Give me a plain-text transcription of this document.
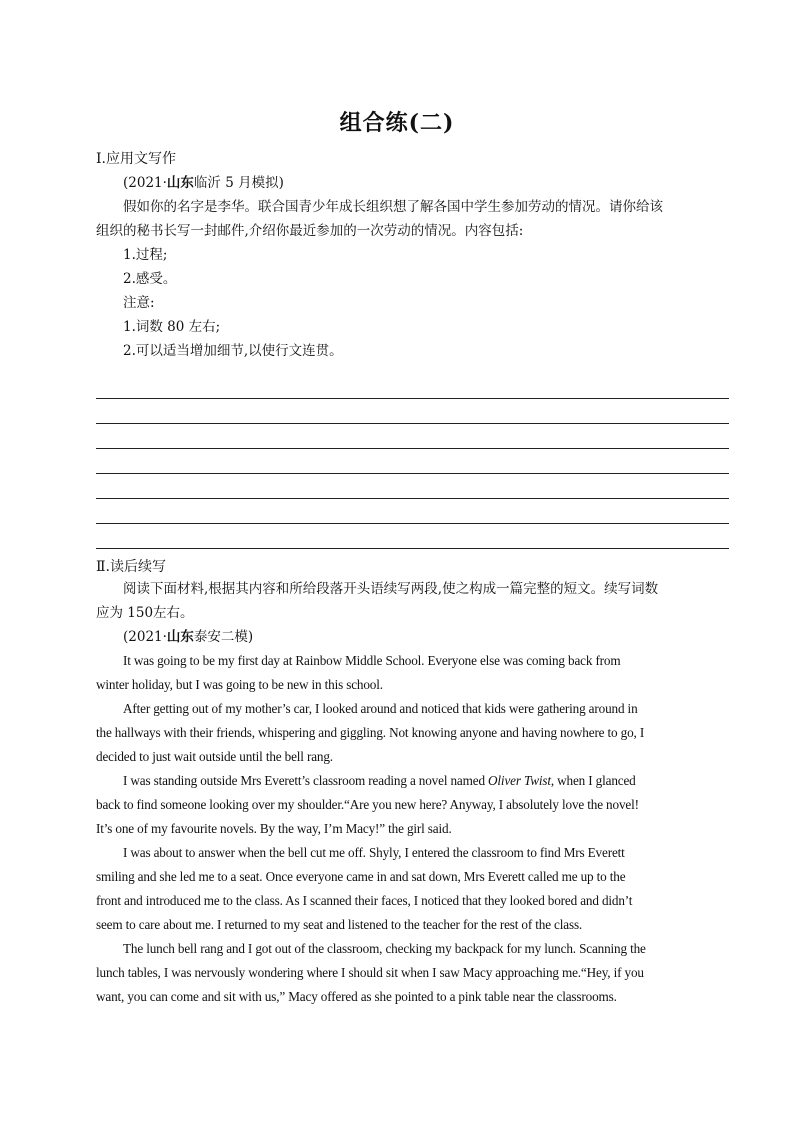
组合练(二)
Ⅰ.应用文写作
(2021·山东临沂 5 月模拟)
假如你的名字是李华。联合国青少年成长组织想了解各国中学生参加劳动的情况。请你给该
组织的秘书长写一封邮件,介绍你最近参加的一次劳动的情况。内容包括:
1.过程;
2.感受。
注意:
1.词数 80 左右;
2.可以适当增加细节,以使行文连贯。
Ⅱ.读后续写
阅读下面材料,根据其内容和所给段落开头语续写两段,使之构成一篇完整的短文。续写词数
应为 150左右。
(2021·山东泰安二模)
It was going to be my first day at Rainbow Middle School. Everyone else was coming back from
winter holiday, but I was going to be new in this school.
After getting out of my mother’s car, I looked around and noticed that kids were gathering around in
the hallways with their friends, whispering and giggling. Not knowing anyone and having nowhere to go, I
decided to just wait outside until the bell rang.
I was standing outside Mrs Everett’s classroom reading a novel named Oliver Twist, when I glanced
back to find someone looking over my shoulder.“Are you new here? Anyway, I absolutely love the novel!
It’s one of my favourite novels. By the way, I’m Macy!” the girl said.
I was about to answer when the bell cut me off. Shyly, I entered the classroom to find Mrs Everett
smiling and she led me to a seat. Once everyone came in and sat down, Mrs Everett called me up to the
front and introduced me to the class. As I scanned their faces, I noticed that they looked bored and didn’t
seem to care about me. I returned to my seat and listened to the teacher for the rest of the class.
The lunch bell rang and I got out of the classroom, checking my backpack for my lunch. Scanning the
lunch tables, I was nervously wondering where I should sit when I saw Macy approaching me.“Hey, if you
want, you can come and sit with us,” Macy offered as she pointed to a pink table near the classrooms.
